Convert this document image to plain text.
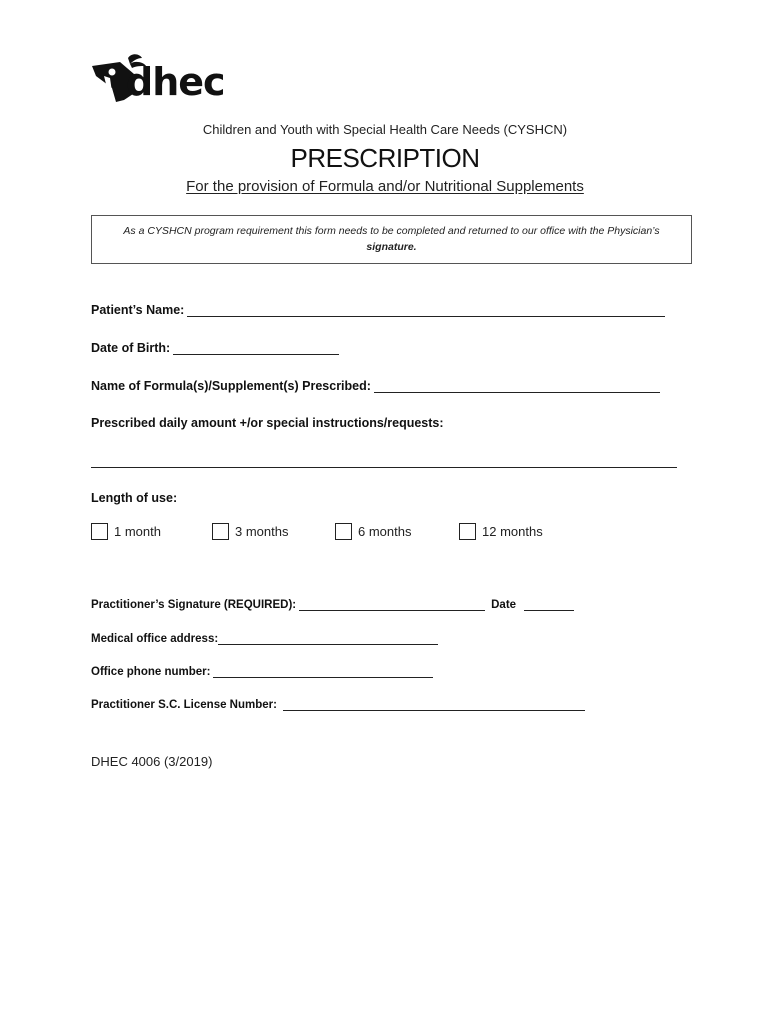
dhec
Children and Youth with Special Health Care Needs (CYSHCN)
PRESCRIPTION
For the provision of Formula and/or Nutritional Supplements
As a CYSHCN program requirement this form needs to be completed and returned to our office with the Physician’s
signature.
Patient’s Name:
Date of Birth:
Name of Formula(s)/Supplement(s) Prescribed:
Prescribed daily amount +/or special instructions/requests:
Length of use:
1 month	3 months	6 months	12 months
Practitioner’s Signature (REQUIRED):	Date
Medical office address:
Office phone number:
Practitioner S.C. License Number:
DHEC 4006 (3/2019)
